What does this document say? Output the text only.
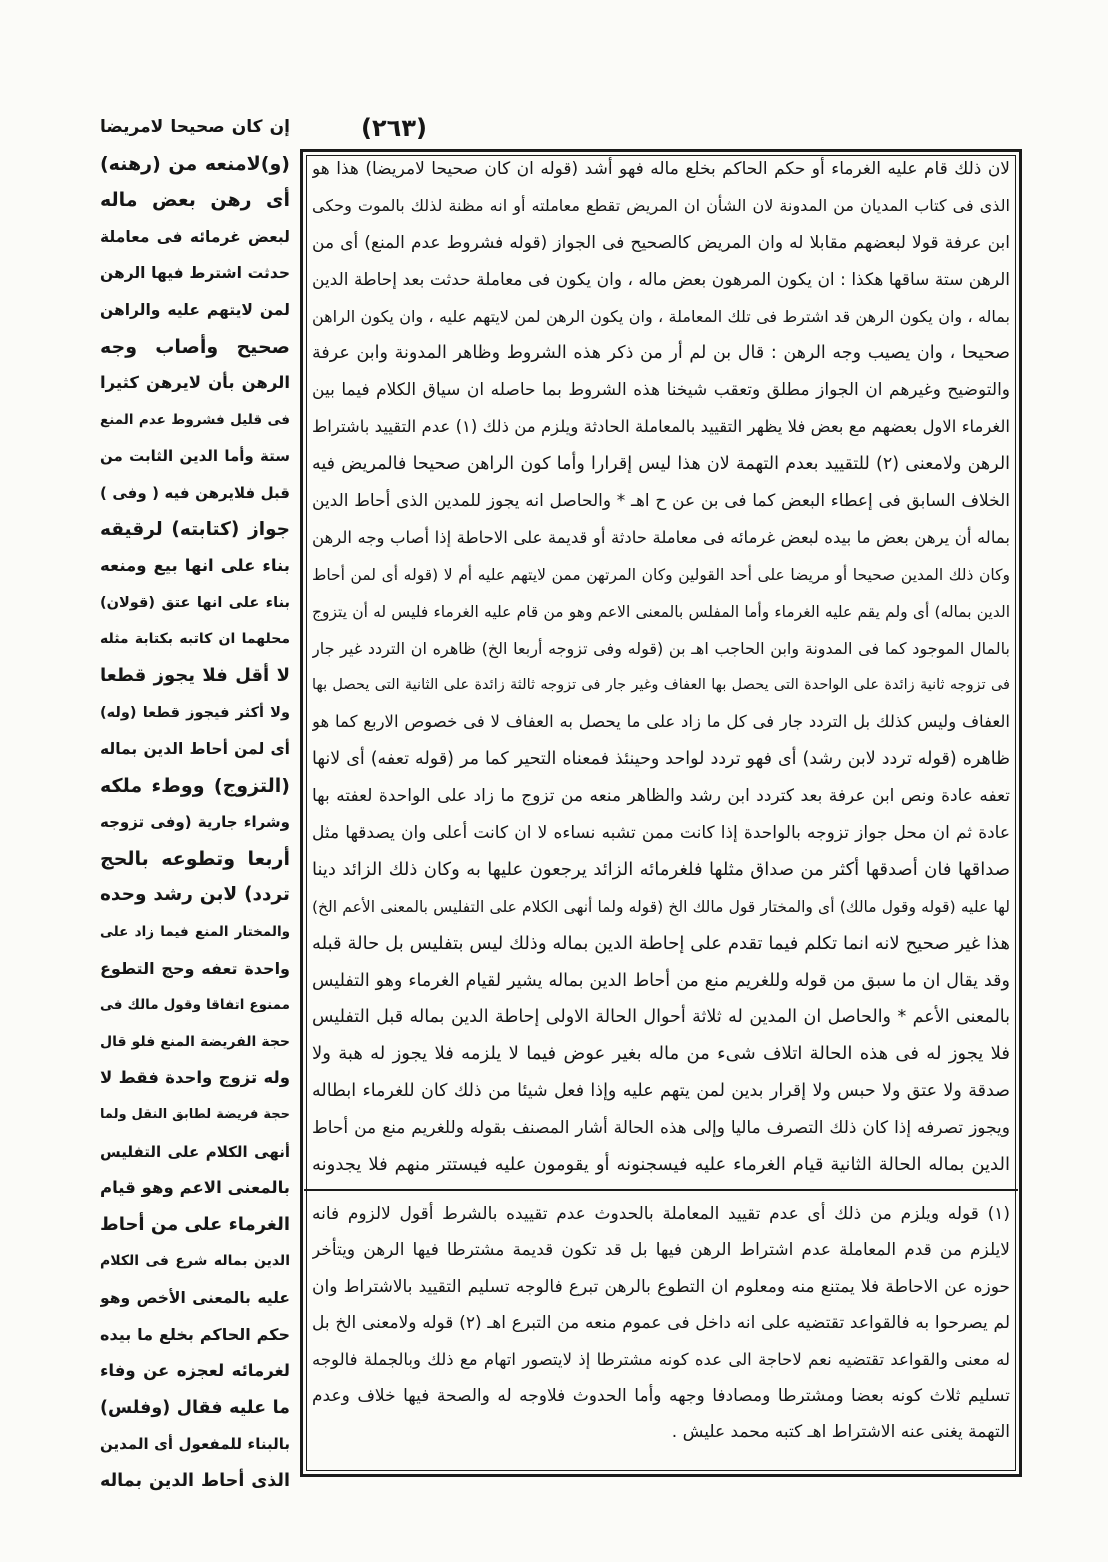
(٢٦٣)
إن كان صحيحا لامريضا
(و)لامنعه من (رهنه)
أى رهن بعض ماله
لبعض غرمائه فى معاملة
حدثت اشترط فيها الرهن
لمن لايتهم عليه والراهن
صحيح وأصاب وجه
الرهن بأن لايرهن كثيرا
فى قليل فشروط عدم المنع
ستة وأما الدين الثابت من
قبل فلايرهن فيه ( وفى )
جواز (كتابته) لرقيقه
بناء على انها بيع ومنعه
بناء على انها عتق (قولان)
محلهما ان كاتبه بكتابة مثله
لا أقل فلا يجوز قطعا
ولا أكثر فيجوز قطعا (وله)
أى لمن أحاط الدين بماله
(التزوج) ووطء ملكه
وشراء جارية (وفى تزوجه
أربعا وتطوعه بالحج
تردد) لابن رشد وحده
والمختار المنع فيما زاد على
واحدة تعفه وحج التطوع
ممنوع اتفاقا وقول مالك فى
حجة الفريضة المنع فلو قال
وله تزوج واحدة فقط لا
حجة فريضة لطابق النقل ولما
أنهى الكلام على التفليس
بالمعنى الاعم وهو قيام
الغرماء على من أحاط
الدين بماله شرع فى الكلام
عليه بالمعنى الأخص وهو
حكم الحاكم بخلع ما بيده
لغرمائه لعجزه عن وفاء
ما عليه فقال (وفلس)
بالبناء للمفعول أى المدين
الذى أحاط الدين بماله
لان ذلك قام عليه الغرماء أو حكم الحاكم بخلع ماله فهو أشد (قوله ان كان صحيحا لامريضا) هذا هو
الذى فى كتاب المديان من المدونة لان الشأن ان المريض تقطع معاملته أو انه مظنة لذلك بالموت وحكى
ابن عرفة قولا لبعضهم مقابلا له وان المريض كالصحيح فى الجواز (قوله فشروط عدم المنع) أى من
الرهن ستة ساقها هكذا : ان يكون المرهون بعض ماله ، وان يكون فى معاملة حدثت بعد إحاطة الدين
بماله ، وان يكون الرهن قد اشترط فى تلك المعاملة ، وان يكون الرهن لمن لايتهم عليه ، وان يكون الراهن
صحيحا ، وان يصيب وجه الرهن : قال بن لم أر من ذكر هذه الشروط وظاهر المدونة وابن عرفة
والتوضيح وغيرهم ان الجواز مطلق وتعقب شيخنا هذه الشروط بما حاصله ان سياق الكلام فيما بين
الغرماء الاول بعضهم مع بعض فلا يظهر التقييد بالمعاملة الحادثة ويلزم من ذلك (١) عدم التقييد باشتراط
الرهن ولامعنى (٢) للتقييد بعدم التهمة لان هذا ليس إقرارا وأما كون الراهن صحيحا فالمريض فيه
الخلاف السابق فى إعطاء البعض كما فى بن عن ح اهـ * والحاصل انه يجوز للمدين الذى أحاط الدين
بماله أن يرهن بعض ما بيده لبعض غرمائه فى معاملة حادثة أو قديمة على الاحاطة إذا أصاب وجه الرهن
وكان ذلك المدين صحيحا أو مريضا على أحد القولين وكان المرتهن ممن لايتهم عليه أم لا (قوله أى لمن أحاط
الدين بماله) أى ولم يقم عليه الغرماء وأما المفلس بالمعنى الاعم وهو من قام عليه الغرماء فليس له أن يتزوج
بالمال الموجود كما فى المدونة وابن الحاجب اهـ بن (قوله وفى تزوجه أربعا الخ) ظاهره ان التردد غير جار
فى تزوجه ثانية زائدة على الواحدة التى يحصل بها العفاف وغير جار فى تزوجه ثالثة زائدة على الثانية التى يحصل بها
العفاف وليس كذلك بل التردد جار فى كل ما زاد على ما يحصل به العفاف لا فى خصوص الاربع كما هو
ظاهره (قوله تردد لابن رشد) أى فهو تردد لواحد وحينئذ فمعناه التحير كما مر (قوله تعفه) أى لانها
تعفه عادة ونص ابن عرفة بعد كتردد ابن رشد والظاهر منعه من تزوج ما زاد على الواحدة لعفته بها
عادة ثم ان محل جواز تزوجه بالواحدة إذا كانت ممن تشبه نساءه لا ان كانت أعلى وان يصدقها مثل
صداقها فان أصدقها أكثر من صداق مثلها فلغرمائه الزائد يرجعون عليها به وكان ذلك الزائد دينا
لها عليه (قوله وقول مالك) أى والمختار قول مالك الخ (قوله ولما أنهى الكلام على التفليس بالمعنى الأعم الخ)
هذا غير صحيح لانه انما تكلم فيما تقدم على إحاطة الدين بماله وذلك ليس بتفليس بل حالة قبله
وقد يقال ان ما سبق من قوله وللغريم منع من أحاط الدين بماله يشير لقيام الغرماء وهو التفليس
بالمعنى الأعم * والحاصل ان المدين له ثلاثة أحوال الحالة الاولى إحاطة الدين بماله قبل التفليس
فلا يجوز له فى هذه الحالة اتلاف شىء من ماله بغير عوض فيما لا يلزمه فلا يجوز له هبة ولا
صدقة ولا عتق ولا حبس ولا إقرار بدين لمن يتهم عليه وإذا فعل شيئا من ذلك كان للغرماء ابطاله
ويجوز تصرفه إذا كان ذلك التصرف ماليا وإلى هذه الحالة أشار المصنف بقوله وللغريم منع من أحاط
الدين بماله الحالة الثانية قيام الغرماء عليه فيسجنونه أو يقومون عليه فيستتر منهم فلا يجدونه
(١) قوله ويلزم من ذلك أى عدم تقييد المعاملة بالحدوث عدم تقييده بالشرط أقول لالزوم فانه
لايلزم من قدم المعاملة عدم اشتراط الرهن فيها بل قد تكون قديمة مشترطا فيها الرهن ويتأخر
حوزه عن الاحاطة فلا يمتنع منه ومعلوم ان التطوع بالرهن تبرع فالوجه تسليم التقييد بالاشتراط وان
لم يصرحوا به فالقواعد تقتضيه على انه داخل فى عموم منعه من التبرع اهـ (٢) قوله ولامعنى الخ بل
له معنى والقواعد تقتضيه نعم لاحاجة الى عده كونه مشترطا إذ لايتصور اتهام مع ذلك وبالجملة فالوجه
تسليم ثلاث كونه بعضا ومشترطا ومصادفا وجهه وأما الحدوث فلاوجه له والصحة فيها خلاف وعدم
التهمة يغنى عنه الاشتراط اهـ كتبه محمد عليش .
